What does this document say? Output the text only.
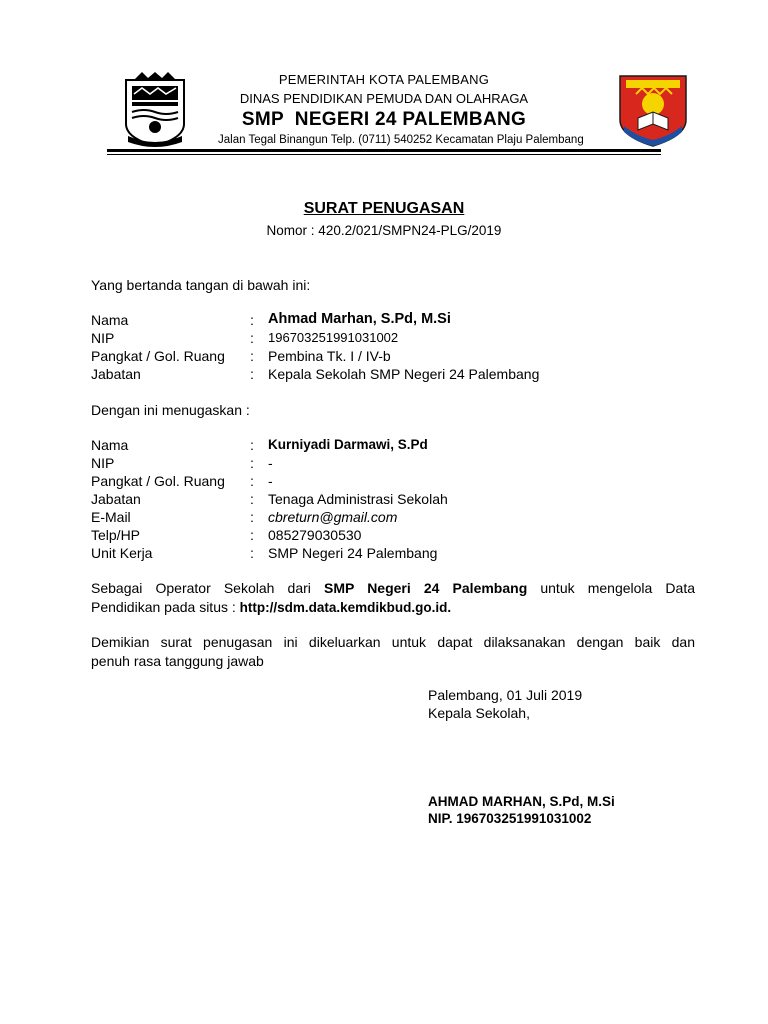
PEMERINTAH KOTA PALEMBANG
DINAS PENDIDIKAN PEMUDA DAN OLAHRAGA
SMP  NEGERI 24 PALEMBANG
Jalan Tegal Binangun Telp. (0711) 540252 Kecamatan Plaju Palembang
SURAT PENUGASAN
Nomor : 420.2/021/SMPN24-PLG/2019
Yang bertanda tangan di bawah ini:
Nama	: Ahmad Marhan, S.Pd, M.Si
NIP	: 196703251991031002
Pangkat / Gol. Ruang : Pembina Tk. I / IV-b
Jabatan	: Kepala Sekolah SMP Negeri 24 Palembang
Dengan ini menugaskan :
Nama	: Kurniyadi Darmawi, S.Pd
NIP	: -
Pangkat / Gol. Ruang : -
Jabatan	: Tenaga Administrasi Sekolah
E-Mail	: cbreturn@gmail.com
Telp/HP	: 085279030530
Unit Kerja	: SMP Negeri 24 Palembang
Sebagai Operator Sekolah dari SMP Negeri 24 Palembang untuk mengelola Data
Pendidikan pada situs : http://sdm.data.kemdikbud.go.id.
Demikian surat penugasan ini dikeluarkan untuk dapat dilaksanakan dengan baik dan
penuh rasa tanggung jawab
Palembang, 01 Juli 2019
Kepala Sekolah,
AHMAD MARHAN, S.Pd, M.Si
NIP. 196703251991031002
